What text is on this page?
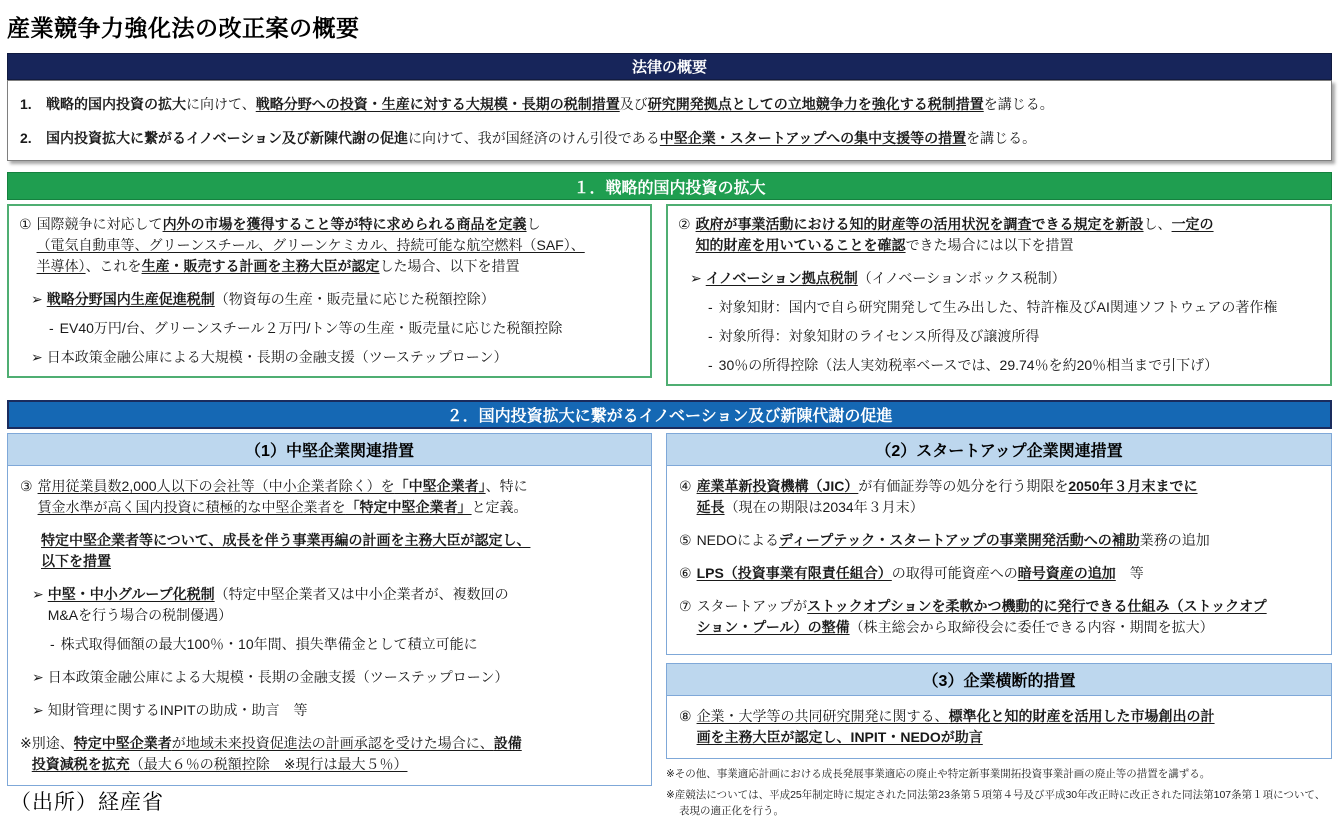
産業競争力強化法の改正案の概要
法律の概要
1.	戦略的国内投資の拡大に向けて、戦略分野への投資・生産に対する大規模・長期の税制措置及び研究開発拠点としての立地競争力を強化する税制措置を講じる。
2.	国内投資拡大に繋がるイノベーション及び新陳代謝の促進に向けて、我が国経済のけん引役である中堅企業・スタートアップへの集中支援等の措置を講じる。
１．戦略的国内投資の拡大
① 国際競争に対応して内外の市場を獲得すること等が特に求められる商品を定義し
（電気自動車等、グリーンスチール、グリーンケミカル、持続可能な航空燃料（SAF）、
半導体）、これを生産・販売する計画を主務大臣が認定した場合、以下を措置
➢ 戦略分野国内生産促進税制（物資毎の生産・販売量に応じた税額控除）
- EV40万円/台、グリーンスチール２万円/トン等の生産・販売量に応じた税額控除
➢ 日本政策金融公庫による大規模・長期の金融支援（ツーステップローン）
② 政府が事業活動における知的財産等の活用状況を調査できる規定を新設し、一定の
知的財産を用いていることを確認できた場合には以下を措置
➢ イノベーション拠点税制（イノベーションボックス税制）
- 対象知財：国内で自ら研究開発して生み出した、特許権及びAI関連ソフトウェアの著作権
- 対象所得：対象知財のライセンス所得及び譲渡所得
- 30％の所得控除（法人実効税率ベースでは、29.74％を約20％相当まで引下げ）
２．国内投資拡大に繋がるイノベーション及び新陳代謝の促進
（1）中堅企業関連措置
③ 常用従業員数2,000人以下の会社等（中小企業者除く）を「中堅企業者」、特に
賃金水準が高く国内投資に積極的な中堅企業者を「特定中堅企業者」と定義。
特定中堅企業者等について、成長を伴う事業再編の計画を主務大臣が認定し、
以下を措置
➢ 中堅・中小グループ化税制（特定中堅企業者又は中小企業者が、複数回の
M&Aを行う場合の税制優遇）
- 株式取得価額の最大100％・10年間、損失準備金として積立可能に
➢ 日本政策金融公庫による大規模・長期の金融支援（ツーステップローン）
➢ 知財管理に関するINPITの助成・助言　等
※ 別途、特定中堅企業者が地域未来投資促進法の計画承認を受けた場合に、設備
投資減税を拡充（最大６％の税額控除　※現行は最大５％）
（2）スタートアップ企業関連措置
④ 産業革新投資機構（JIC）が有価証券等の処分を行う期限を2050年３月末までに
延長（現在の期限は2034年３月末）
⑤ NEDOによるディープテック・スタートアップの事業開発活動への補助業務の追加
⑥ LPS（投資事業有限責任組合）の取得可能資産への暗号資産の追加　等
⑦ スタートアップがストックオプションを柔軟かつ機動的に発行できる仕組み（ストックオプ
ション・プール）の整備（株主総会から取締役会に委任できる内容・期間を拡大）
（3）企業横断的措置
⑧ 企業・大学等の共同研究開発に関する、標準化と知的財産を活用した市場創出の計
画を主務大臣が認定し、INPIT・NEDOが助言
※その他、事業適応計画における成長発展事業適応の廃止や特定新事業開拓投資事業計画の廃止等の措置を講ずる。
※産競法については、平成25年制定時に規定された同法第23条第５項第４号及び平成30年改正時に改正された同法第107条第１項について、表現の適正化を行う。
（出所）経産省
